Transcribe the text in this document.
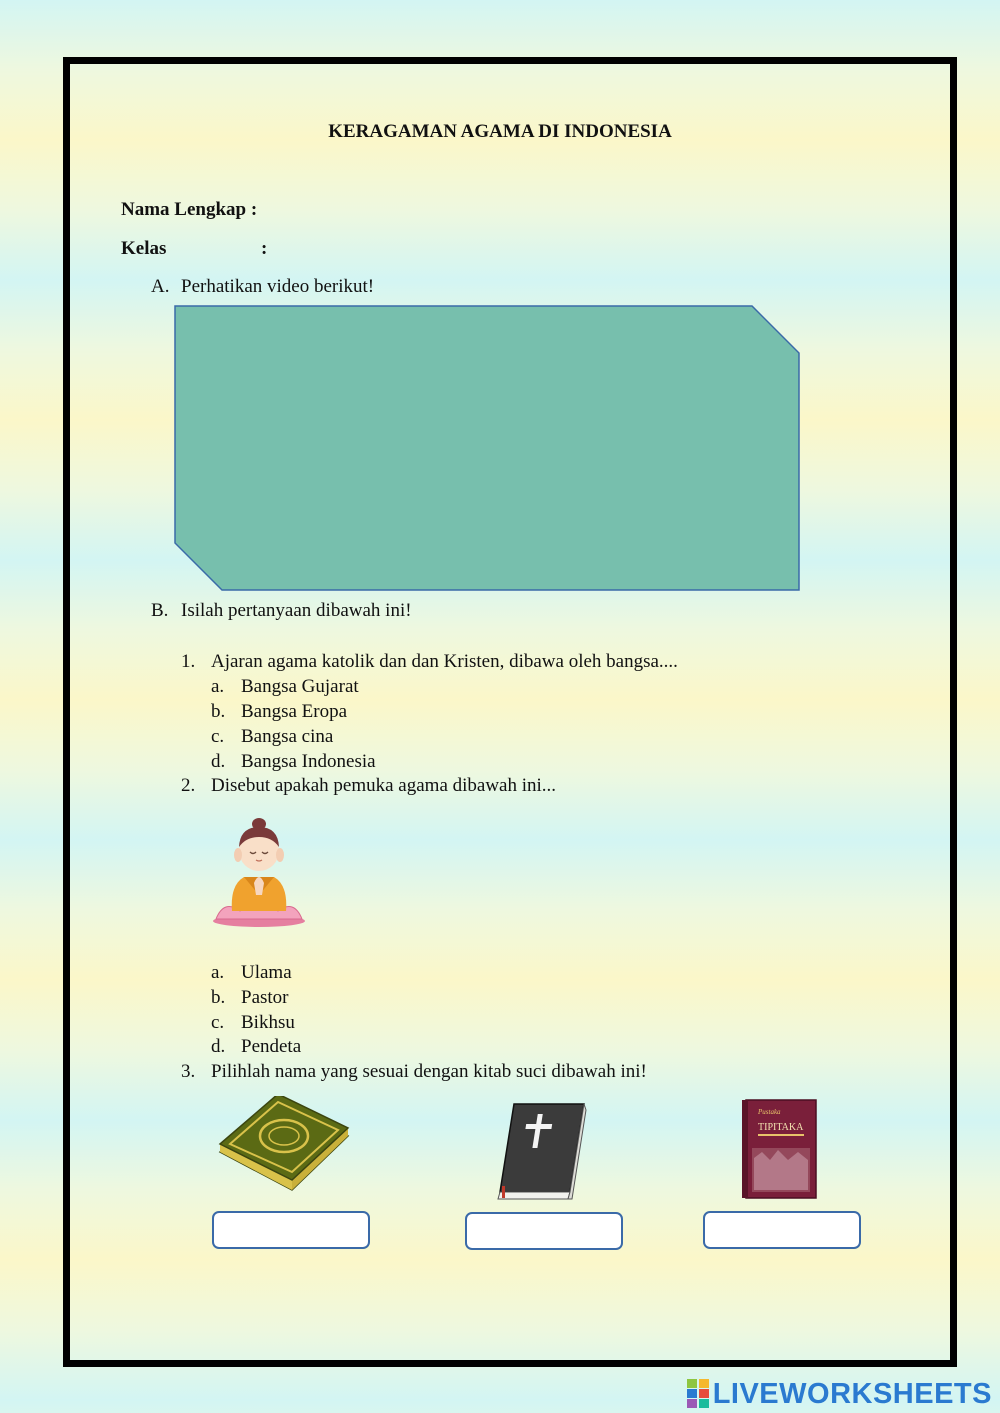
KERAGAMAN AGAMA DI INDONESIA
Nama Lengkap :
Kelas	:
A. Perhatikan video berikut!
B. Isilah pertanyaan dibawah ini!
1. Ajaran agama katolik dan dan Kristen, dibawa oleh bangsa....
a. Bangsa Gujarat
b. Bangsa Eropa
c. Bangsa cina
d. Bangsa Indonesia
2. Disebut apakah pemuka agama dibawah ini...
a. Ulama
b. Pastor
c. Bikhsu
d. Pendeta
3. Pilihlah nama yang sesuai dengan kitab suci dibawah ini!
Pustaka
TIPITAKA
LIVEWORKSHEETS
